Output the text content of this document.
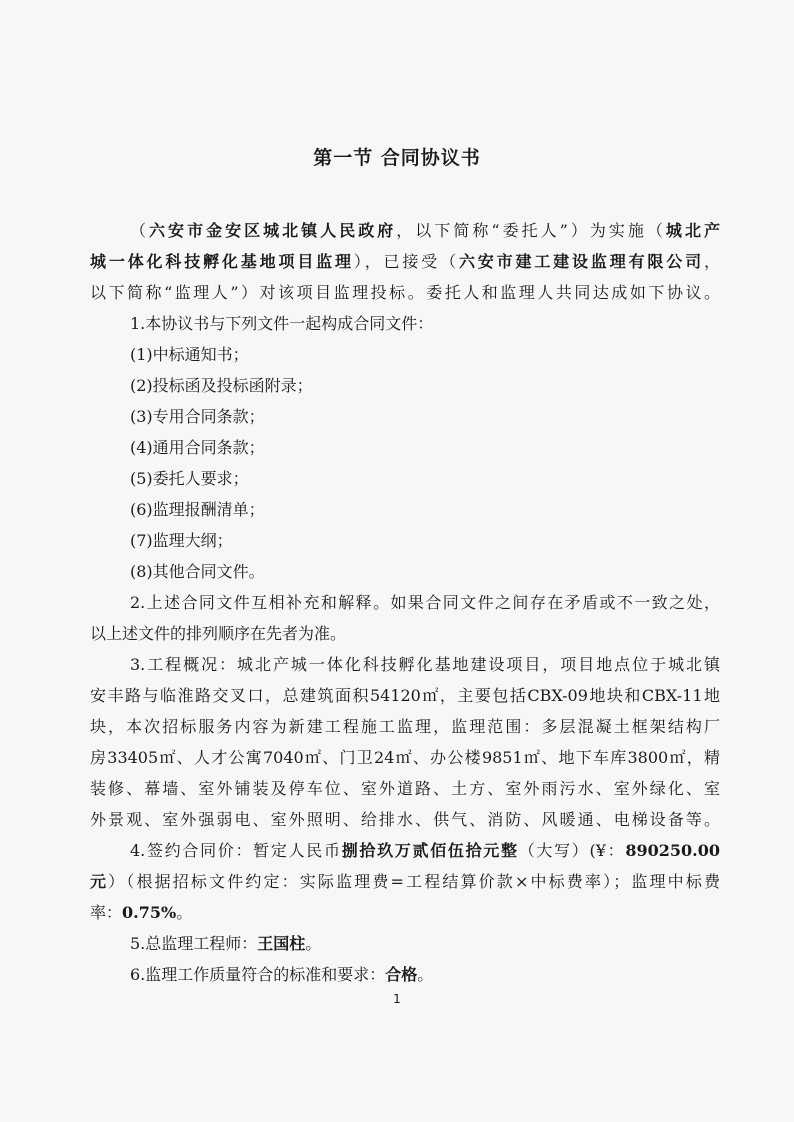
第一节 合同协议书
（六安市金安区城北镇人民政府，以下简称“委托人”）为实施（城北产
城一体化科技孵化基地项目监理），已接受（六安市建工建设监理有限公司，
以下简称“监理人”）对该项目监理投标。委托人和监理人共同达成如下协议。
1.本协议书与下列文件一起构成合同文件：
(1)中标通知书；
(2)投标函及投标函附录；
(3)专用合同条款；
(4)通用合同条款；
(5)委托人要求；
(6)监理报酬清单；
(7)监理大纲；
(8)其他合同文件。
2.上述合同文件互相补充和解释。如果合同文件之间存在矛盾或不一致之处，
以上述文件的排列顺序在先者为准。
3.工程概况：城北产城一体化科技孵化基地建设项目，项目地点位于城北镇
安丰路与临淮路交叉口，总建筑面积54120㎡，主要包括CBX-09地块和CBX-11地
块，本次招标服务内容为新建工程施工监理，监理范围：多层混凝土框架结构厂
房33405㎡、人才公寓7040㎡、门卫24㎡、办公楼9851㎡、地下车库3800㎡，精
装修、幕墙、室外铺装及停车位、室外道路、土方、室外雨污水、室外绿化、室
外景观、室外强弱电、室外照明、给排水、供气、消防、风暖通、电梯设备等。
4.签约合同价：暂定人民币捌拾玖万贰佰伍拾元整（大写）(¥：890250.00
元）（根据招标文件约定：实际监理费=工程结算价款×中标费率）；监理中标费
率：0.75%。
5.总监理工程师：王国柱。
6.监理工作质量符合的标准和要求：合格。
1
